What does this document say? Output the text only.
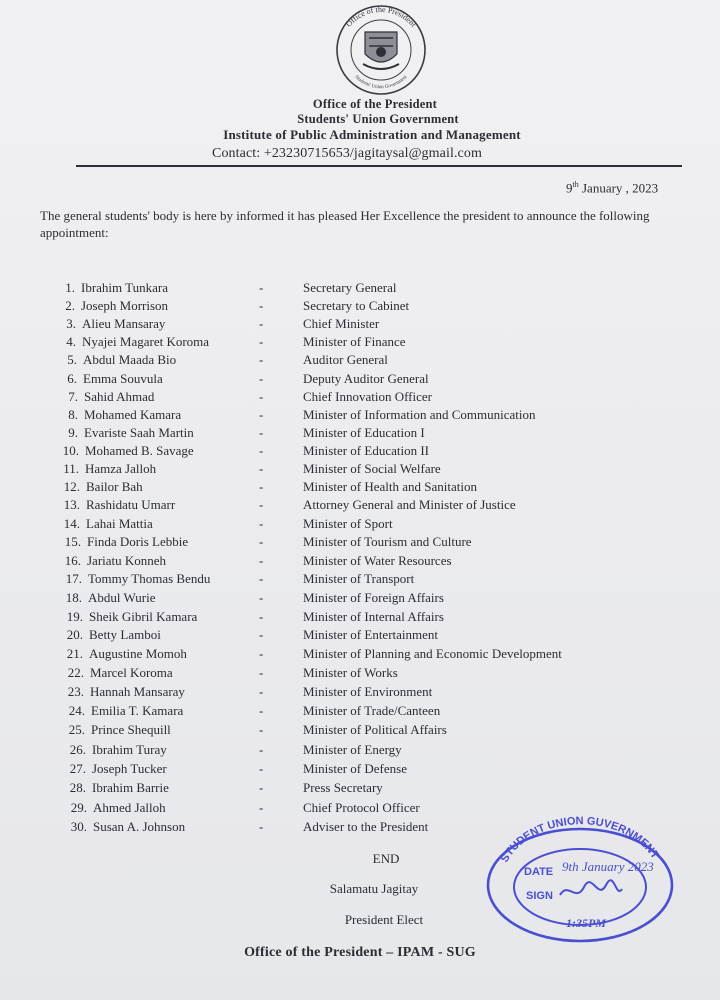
Office of the President
Students' Union Government
Office of the President
Students' Union Government
Institute of Public Administration and Management
Contact: +23230715653/jagitaysal@gmail.com
9th January , 2023
The general students' body is here by informed it has pleased Her Excellence the president to announce the following appointment:
1. Ibrahim Tunkara	-	Secretary General
2. Joseph Morrison	-	Secretary to Cabinet
3. Alieu Mansaray	-	Chief Minister
4. Nyajei Magaret Koroma	-	Minister of Finance
5. Abdul Maada Bio	-	Auditor General
6. Emma Souvula	-	Deputy Auditor General
7. Sahid Ahmad	-	Chief Innovation Officer
8. Mohamed Kamara	-	Minister of Information and Communication
9. Evariste Saah Martin	-	Minister of Education I
10. Mohamed B. Savage	-	Minister of Education II
11. Hamza Jalloh	-	Minister of Social Welfare
12. Bailor Bah	-	Minister of Health and Sanitation
13. Rashidatu Umarr	-	Attorney General and Minister of Justice
14. Lahai Mattia	-	Minister of Sport
15. Finda Doris Lebbie	-	Minister of Tourism and Culture
16. Jariatu Konneh	-	Minister of Water Resources
17. Tommy Thomas Bendu	-	Minister of Transport
18. Abdul Wurie	-	Minister of Foreign Affairs
19. Sheik Gibril Kamara	-	Minister of Internal Affairs
20. Betty Lamboi	-	Minister of Entertainment
21. Augustine Momoh	-	Minister of Planning and Economic Development
22. Marcel Koroma	-	Minister of Works
23. Hannah Mansaray	-	Minister of Environment
24. Emilia T. Kamara	-	Minister of Trade/Canteen
25. Prince Shequill	-	Minister of Political Affairs
26. Ibrahim Turay	-	Minister of Energy
27. Joseph Tucker	-	Minister of Defense
28. Ibrahim Barrie	-	Press Secretary
29. Ahmed Jalloh	-	Chief Protocol Officer
30. Susan A. Johnson	-	Adviser to the President
END
Salamatu Jagitay
President Elect
Office of the President – IPAM - SUG
STUDENT UNION GUVERNMENT
DATE 9th January 2023
SIGN
1:35PM
